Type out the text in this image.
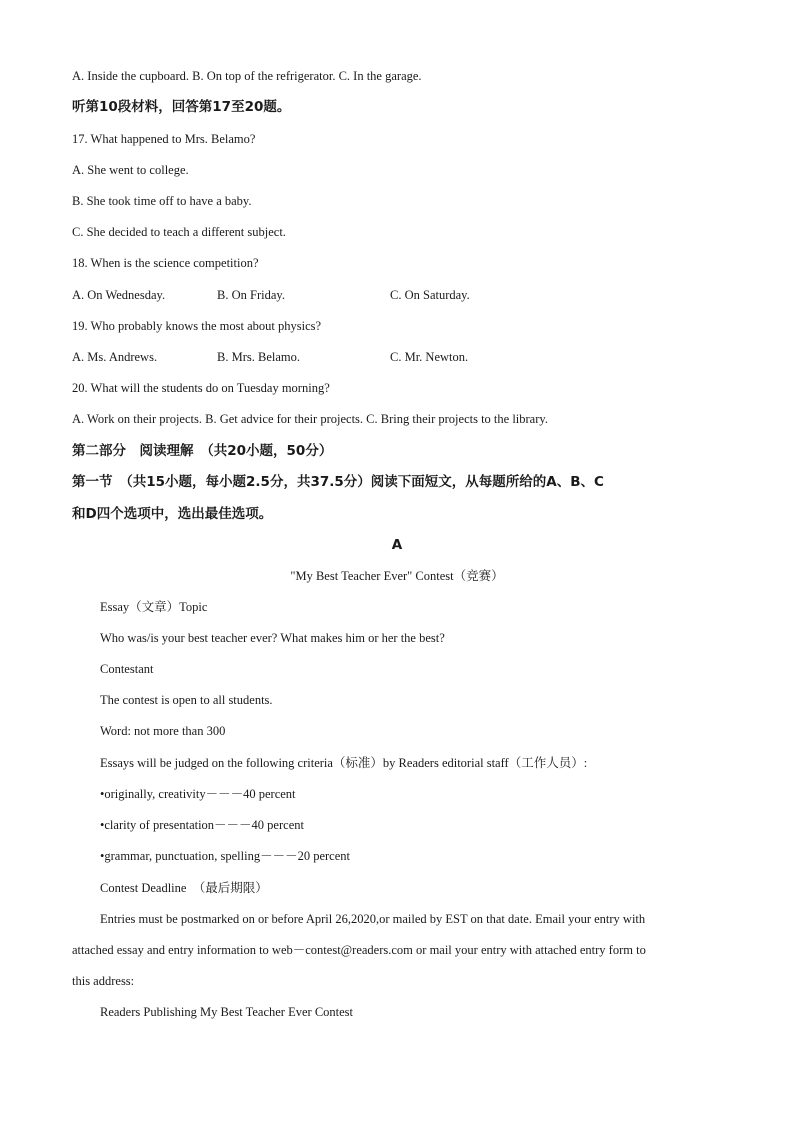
A. Inside the cupboard. B. On top of the refrigerator. C. In the garage.
听第10段材料，回答第17至20题。
17. What happened to Mrs. Belamo?
A. She went to college.
B. She took time off to have a baby.
C. She decided to teach a different subject.
18. When is the science competition?
A. On Wednesday.	B. On Friday.	C. On Saturday.
19. Who probably knows the most about physics?
A. Ms. Andrews.	B. Mrs. Belamo.	C. Mr. Newton.
20. What will the students do on Tuesday morning?
A. Work on their projects. B. Get advice for their projects. C. Bring their projects to the library.
第二部分　阅读理解　（共20小题，50分）
第一节　（共15小题，每小题2.5分，共37.5分）阅读下面短文，从每题所给的A、B、C
和D四个选项中，选出最佳选项。
A
"My Best Teacher Ever" Contest（竞赛）
Essay（文章）Topic
Who was/is your best teacher ever? What makes him or her the best?
Contestant
The contest is open to all students.
Word: not more than 300
Essays will be judged on the following criteria（标准）by Readers editorial staff（工作人员）:
•originally, creativity－－－40 percent
•clarity of presentation－－－40 percent
•grammar, punctuation, spelling－－－20 percent
Contest Deadline　（最后期限）
Entries must be postmarked on or before April 26,2020,or mailed by EST on that date. Email your entry with
attached essay and entry information to web－contest@readers.com or mail your entry with attached entry form to
this address:
Readers Publishing My Best Teacher Ever Contest
